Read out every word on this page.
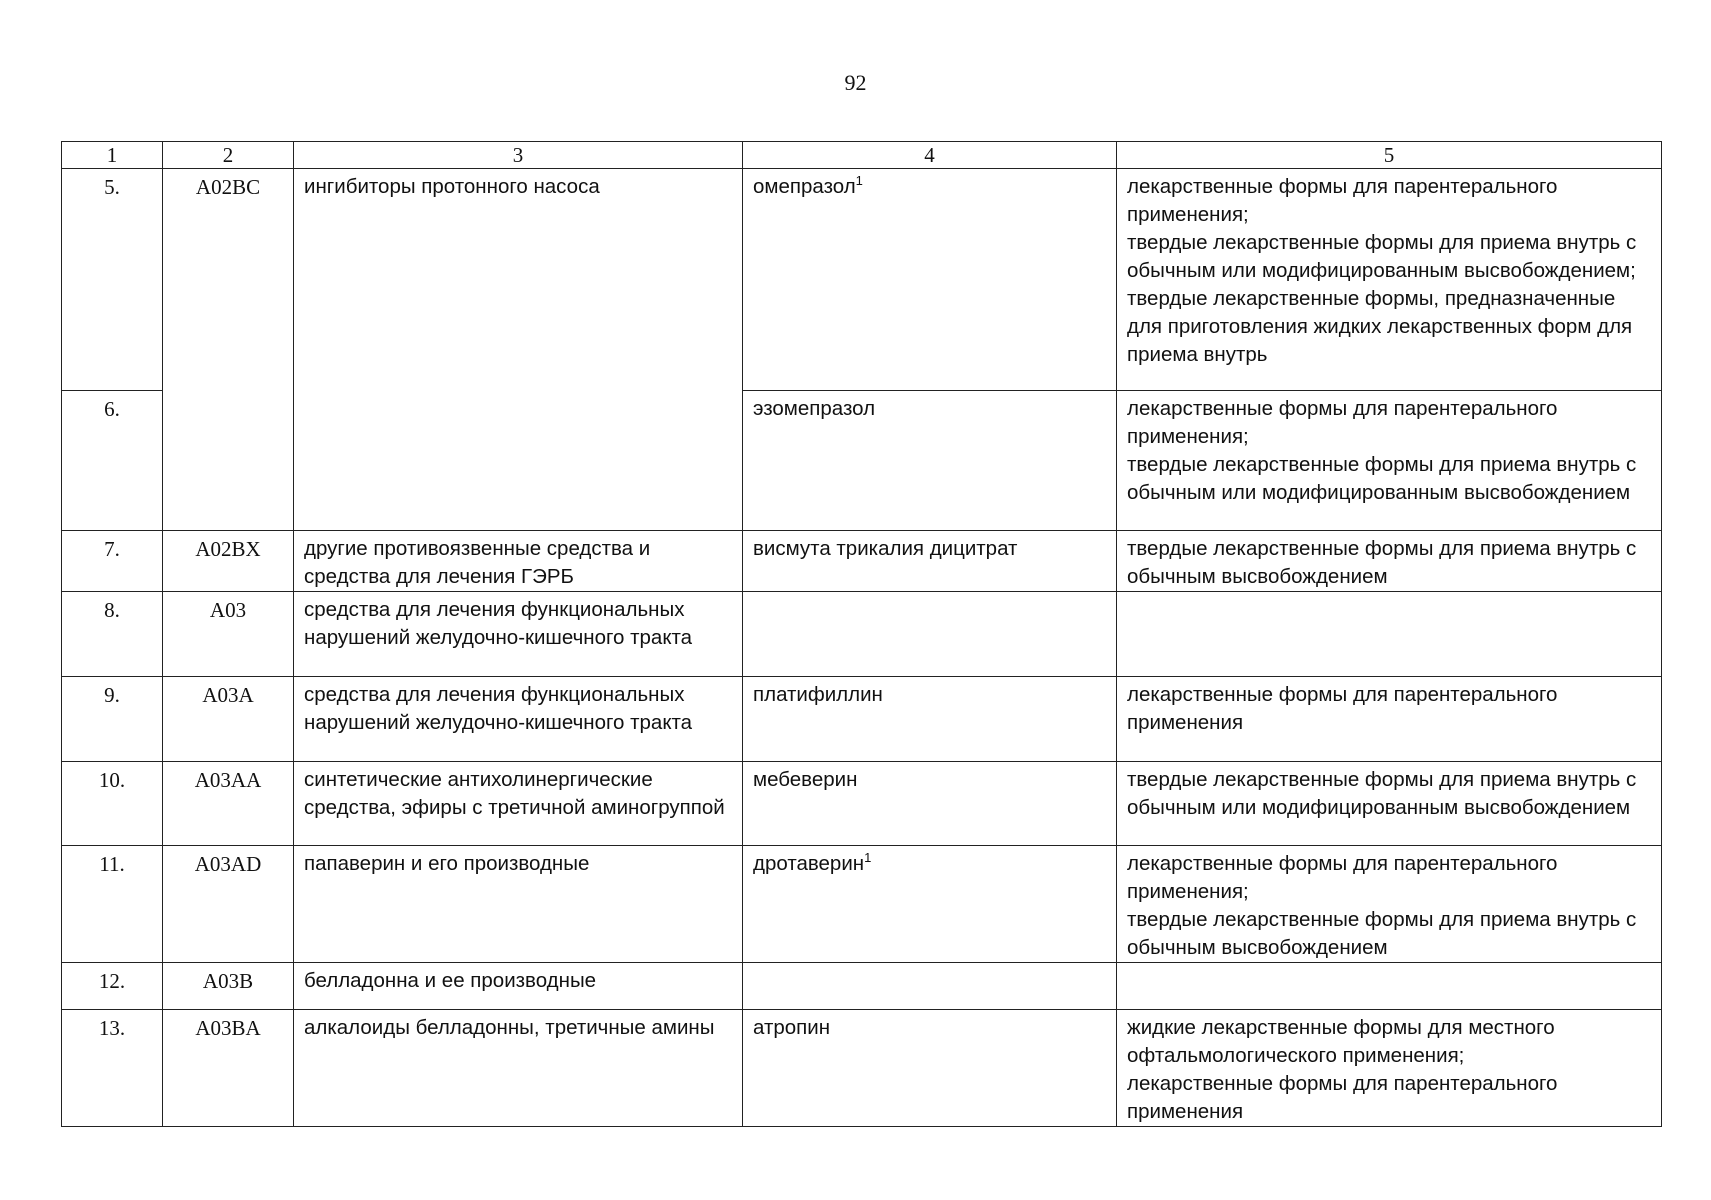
92
1	2	3	4	5
5.	A02BC	ингибиторы протонного насоса	омепразол$^1$	лекарственные формы для парентерального применения;
твердые лекарственные формы для приема внутрь с обычным или модифицированным высвобождением;
твердые лекарственные формы, предназначенные для приготовления жидких лекарственных форм для приема внутрь

6.			эзомепразол	лекарственные формы для парентерального применения;
твердые лекарственные формы для приема внутрь с обычным или модифицированным высвобождением

7.	A02BX	другие противоязвенные средства и средства для лечения ГЭРБ	висмута трикалия дицитрат	твердые лекарственные формы для приема внутрь с обычным высвобождением

8.	A03	средства для лечения функциональных нарушений желудочно-кишечного тракта		
9.	A03A	средства для лечения функциональных нарушений желудочно-кишечного тракта	платифиллин	лекарственные формы для парентерального применения

10.	A03AA	синтетические антихолинергические средства, эфиры с третичной аминогруппой	мебеверин	твердые лекарственные формы для приема внутрь с обычным или модифицированным высвобождением

11.	A03AD	папаверин и его производные	дротаверин$^1$	лекарственные формы для парентерального применения;
твердые лекарственные формы для приема внутрь с обычным высвобождением

12.	A03B	белладонна и ее производные		
13.	A03BA	алкалоиды белладонны, третичные амины	атропин	жидкие лекарственные формы для местного офтальмологического применения;
лекарственные формы для парентерального применения
